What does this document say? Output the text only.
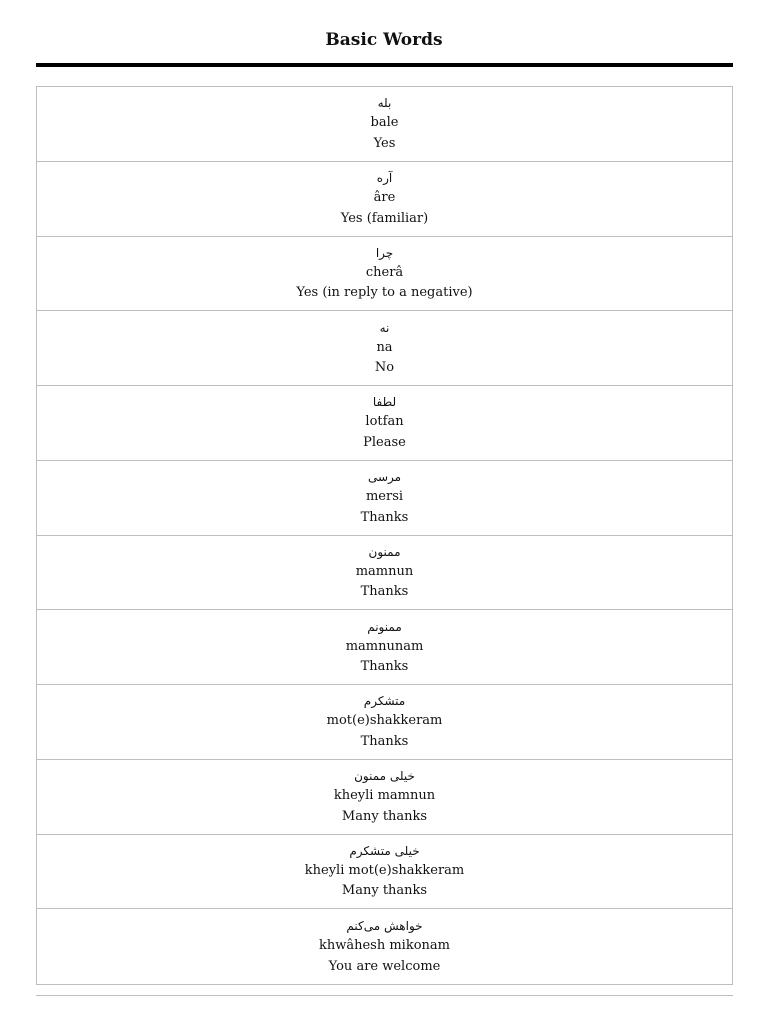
Basic Words
بله
bale
Yes
آره
âre
Yes (familiar)
چرا
cherâ
Yes (in reply to a negative)
نه
na
No
لطفا
lotfan
Please
مرسی
mersi
Thanks
ممنون
mamnun
Thanks
ممنونم
mamnunam
Thanks
متشکرم
mot(e)shakkeram
Thanks
خیلی ممنون
kheyli mamnun
Many thanks
خیلی متشکرم
kheyli mot(e)shakkeram
Many thanks
خواهش می‌کنم
khwâhesh mikonam
You are welcome
